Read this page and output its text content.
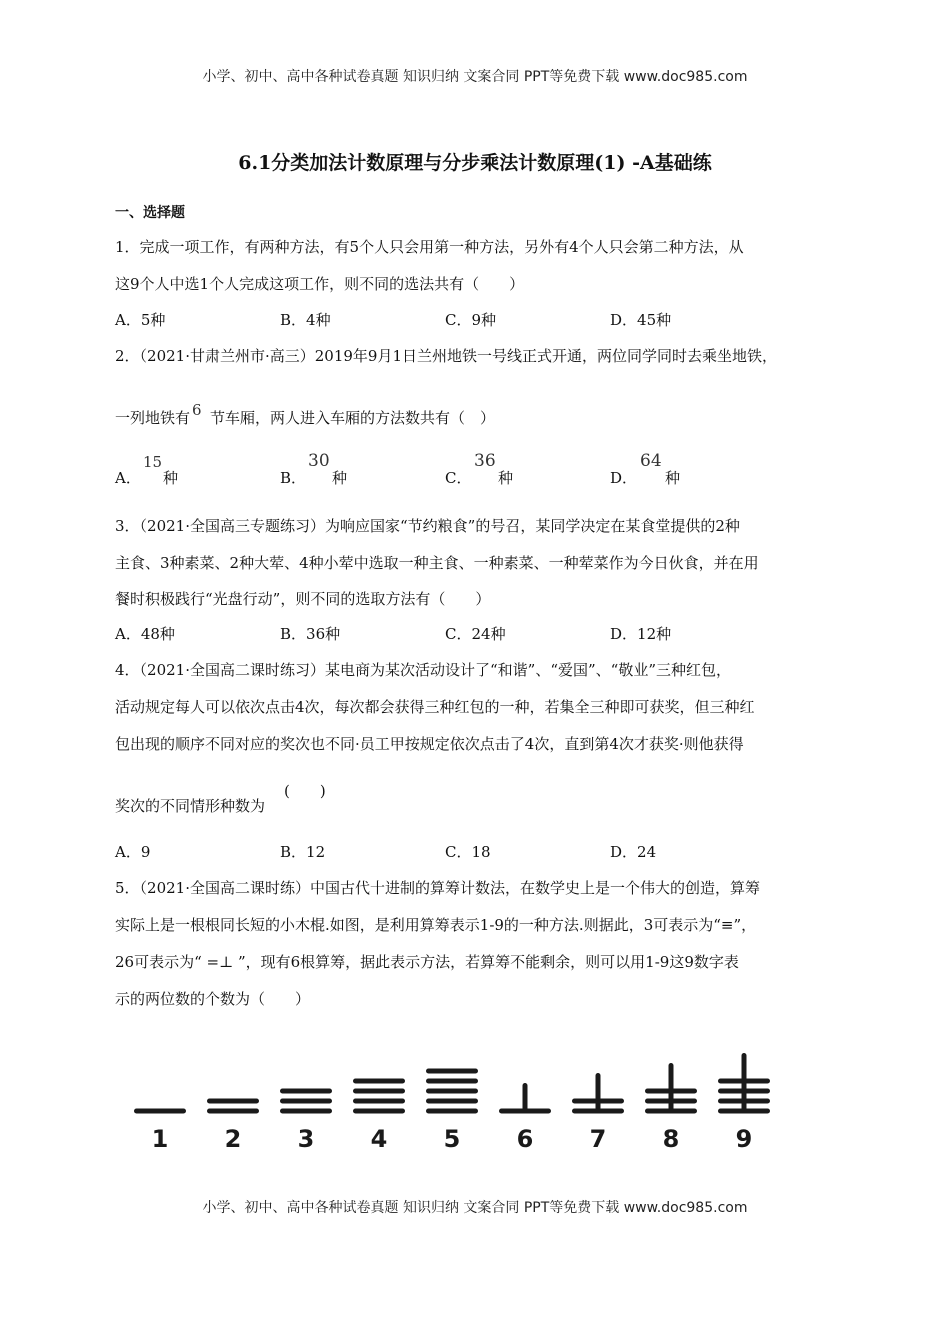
小学、初中、高中各种试卷真题 知识归纳 文案合同 PPT等免费下载 www.doc985.com
6.1分类加法计数原理与分步乘法计数原理(1) -A基础练
一、选择题
1．完成一项工作，有两种方法，有5个人只会用第一种方法，另外有4个人只会第二种方法，从
这9个人中选1个人完成这项工作，则不同的选法共有（　　）
A．5种	B．4种	C．9种	D．45种
2．（2021·甘肃兰州市·高三）2019年9月1日兰州地铁一号线正式开通，两位同学同时去乘坐地铁，
一列地铁有 6 节车厢，两人进入车厢的方法数共有（　）
A．
15
种	B．
30
种	C．
36
种	D．
64
种
3．（2021·全国高三专题练习）为响应国家“节约粮食”的号召，某同学决定在某食堂提供的2种
主食、3种素菜、2种大荤、4种小荤中选取一种主食、一种素菜、一种荤菜作为今日伙食，并在用
餐时积极践行“光盘行动”，则不同的选取方法有（　　）
A．48种	B．36种	C．24种	D．12种
4．（2021·全国高二课时练习）某电商为某次活动设计了“和谐”、“爱国”、“敬业”三种红包，
活动规定每人可以依次点击4次，每次都会获得三种红包的一种，若集全三种即可获奖，但三种红
包出现的顺序不同对应的奖次也不同·员工甲按规定依次点击了4次，直到第4次才获奖·则他获得
奖次的不同情形种数为
(　　)
A．9	B．12	C．18	D．24
5．（2021·全国高二课时练）中国古代十进制的算筹计数法，在数学史上是一个伟大的创造，算筹
实际上是一根根同长短的小木棍.如图，是利用算筹表示1-9的一种方法.则据此，3可表示为“≡”，
26可表示为“ =⊥ ”，现有6根算筹，据此表示方法，若算筹不能剩余，则可以用1-9这9数字表
示的两位数的个数为（　　）
1 2 3 4 5 6 7 8 9
小学、初中、高中各种试卷真题 知识归纳 文案合同 PPT等免费下载 www.doc985.com
